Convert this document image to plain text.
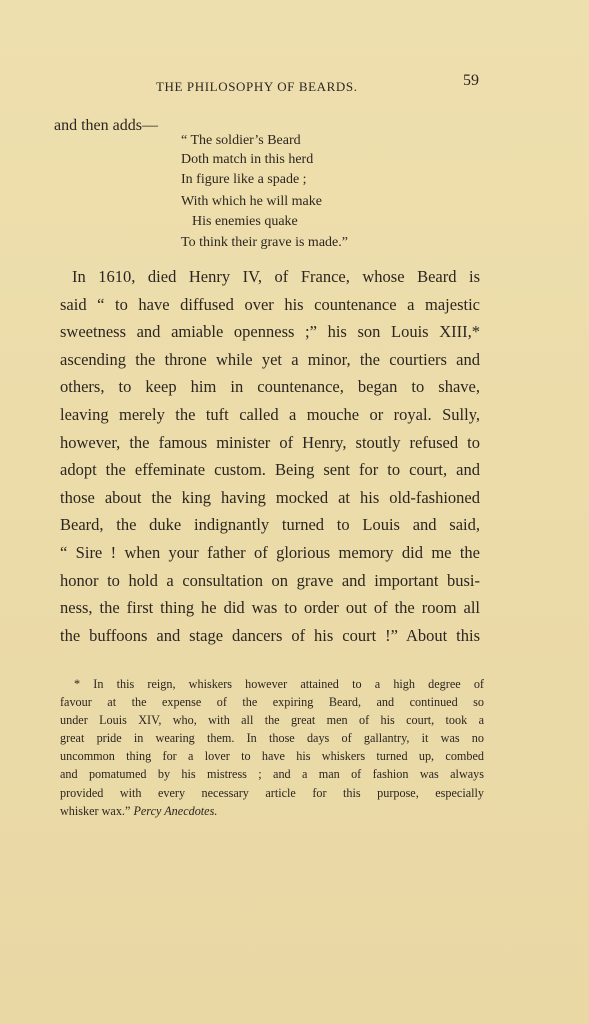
THE PHILOSOPHY OF BEARDS.	59
and then adds—
“ The soldier’s Beard
Doth match in this herd
In figure like a spade ;
With which he will make
His enemies quake
To think their grave is made.”
In 1610, died Henry IV, of France, whose Beard is
said “ to have diffused over his countenance a majestic
sweetness and amiable openness ;” his son Louis XIII,*
ascending the throne while yet a minor, the courtiers and
others, to keep him in countenance, began to shave,
leaving merely the tuft called a mouche or royal. Sully,
however, the famous minister of Henry, stoutly refused to
adopt the effeminate custom. Being sent for to court, and
those about the king having mocked at his old-fashioned
Beard, the duke indignantly turned to Louis and said,
“ Sire ! when your father of glorious memory did me the
honor to hold a consultation on grave and important busi-
ness, the first thing he did was to order out of the room all
the buffoons and stage dancers of his court !” About this
* In this reign, whiskers however attained to a high degree of
favour at the expense of the expiring Beard, and continued so
under Louis XIV, who, with all the great men of his court, took a
great pride in wearing them. In those days of gallantry, it was no
uncommon thing for a lover to have his whiskers turned up, combed
and pomatumed by his mistress ; and a man of fashion was always
provided with every necessary article for this purpose, especially
whisker wax.” Percy Anecdotes.
